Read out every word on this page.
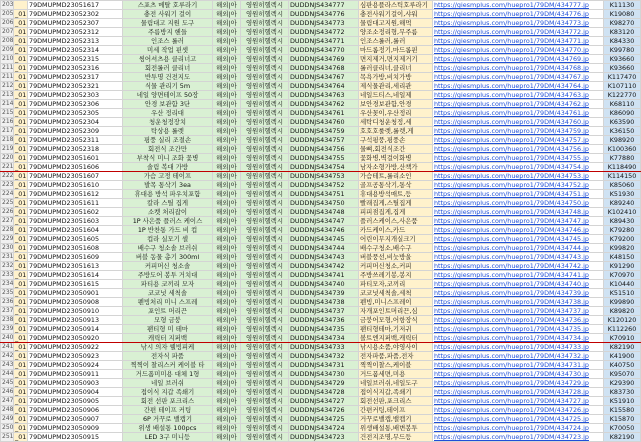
203		79DMUPMD23051617	스포츠 메탈 호루라기	해외|아	영원히헬렉시	DUDDNJS434777	심판용플라스틱호루라기	https://giesmplus.com/huepro1/79DM/434777.jp	K11130
205	_01	79DMUPMD23052302	충전 사워기 걸이	해외|아	영원히헬렉시	DUDDNJS434776	충전사워기걸이,샤워	https://giesmplus.com/huepro1/79DM/434776.jp	K19080
206	_01	79DMUPMD23052307	물림대고 지원 도구	해외|아	영원히헬렉시	DUDDNJS434773	물림대고지원,해먹	https://giesmplus.com/huepro1/79DM/434773.jp	K98270
207	_01	79DMUPMD23052312	주름방지 헨들	해외|아	영원히헬렉시	DUDDNJS434772	양조소정리형,무주름	https://giesmplus.com/huepro1/79DM/434772.jp	K83120
208	_01	79DMUPMD23052313	인조스 롤러	해외|아	영원히헬렉시	DUDDNJS434771	인조스롤러,롤러	https://giesmplus.com/huepro1/79DM/434771.jp	K84330
209	_01	79DMUPMD23052314	미세 작업 핀셋	해외|아	영원히헬렉시	DUDDNJS434770	마드롬정기,마드롬핀	https://giesmplus.com/huepro1/79DM/434770.jp	K99780
210	_01	79DMUPMD23052315	씽어셔츠용 클리너고	해외|아	영원히헬렉시	DUDDNJS434769	면지제거,면지제거기	https://giesmplus.com/huepro1/79DM/434769.jp	K93660
211	_01	79DMUPMD23052316	회전롤러 클리너	해외|아	영원히헬렉시	DUDDNJS434768	롤러클리너,클리너	https://giesmplus.com/huepro1/79DM/434768.jp	K93660
211	_01	79DMUPMD23052317	반투명 건전지도	해외|아	영원히헬렉시	DUDDNJS434767	목욕가방,비치가방	https://giesmplus.com/huepro1/79DM/434767.jp	K117470
212	_01	79DMUPMD23052321	식물 관리기 5m	해외|아	영원히헬렉시	DUDDNJS434764	제식물관리,세리관	https://giesmplus.com/huepro1/79DM/434764.jp	K107110
213	_01	79DMUPMD23052303	네일 양면테이프 50장	해외|아	영원히헬렉시	DUDDNJS434763	네일드티스,네일제	https://giesmplus.com/huepro1/79DM/434763.jp	K122770
214	_01	79DMUPMD23052306	안경 보관함 3단	해외|아	영원히헬렉시	DUDDNJS434762	보안경보관함,안경	https://giesmplus.com/huepro1/79DM/434762.jp	K68110
215	_01	79DMUPMD23052305	우산 정리대	해외|아	영원히헬렉시	DUDDNJS434761	우산꽂이,우산정리	https://giesmplus.com/huepro1/79DM/434761.jp	K86090
216	_01	79DMUPMD23052304	청운청정장치	해외|아	영원히헬렉시	DUDDNJS434760	세탁디청운청정,세	https://giesmplus.com/huepro1/79DM/434760.jp	K63590
217	_01	79DMUPMD23052309	탁상용 롤렛	해외|아	영원히헬렉시	DUDDNJS434759	호호호룰렛,롤렛,게	https://giesmplus.com/huepro1/79DM/434759.jp	K36150
218	_01	79DMUPMD23052311	핑풍 실리 조절손	해외|아	영원히헬렉시	DUDDNJS434757	구석핑풍,핑풍손	https://giesmplus.com/huepro1/79DM/434757.jp	K98920
219	_01	79DMUPMD23052318	회전식 조간만	해외|아	영원히헬렉시	DUDDNJS434756	물뼈,회전식조간	https://giesmplus.com/huepro1/79DM/434756.jp	K100360
220	_01	79DMUPMD23051601	부착식 미니 조화 꽃병	해외|아	영원히헬렉시	DUDDNJS434755	꽃화병,벽걸이화병	https://giesmplus.com/huepro1/79DM/434755.jp	K77880
221	_01	79DMUPMD23051606	솔림 복대 가방	해외|아	영원히헬렉시	DUDDNJS434754	남자소형가방,산책가	https://giesmplus.com/huepro1/79DM/434754.jp	K118490
222	_01	79DMUPMD23051607	가슴 고정 테이프	해외|아	영원히헬렉시	DUDDNJS434753	가슴테트,롤리소인	https://giesmplus.com/huepro1/79DM/434753.jp	K114150
223	_01	79DMUPMD23051610	발목 통삭기 3ea	해외|아	영원히헬렉시	DUDDNJS434752	골프공통삭기,통삭	https://giesmplus.com/huepro1/79DM/434752.jp	K85060
224	_01	79DMUPMD23051612	휴대용 방석 파우치포함	해외|아	영원히헬렉시	DUDDNJS434751	휴대용방석매트,등	https://giesmplus.com/huepro1/79DM/434751.jp	K51930
225	_01	79DMUPMD23051611	칼라 스틸 집게	해외|아	영원히헬렉시	DUDDNJS434750	빨래집게,스틸집게	https://giesmplus.com/huepro1/79DM/434750.jp	K89240
226	_01	79DMUPMD23051602	소켓 처리잡이	해외|아	영원히헬렉시	DUDDNJS434748	피피점집게,집게	https://giesmplus.com/huepro1/79DM/434748.jp	K102410
227	_01	79DMUPMD23051603	1P 사은품 플러스 케이스	해외|아	영원히헬렉시	DUDDNJS434747	플러스케이스,사은품	https://giesmplus.com/huepro1/79DM/434747.jp	K89430
228	_01	79DMUPMD23051604	1P 반찬통 가드 비 컵	해외|아	영원히헬렉시	DUDDNJS434746	카드케이스,카드	https://giesmplus.com/huepro1/79DM/434746.jp	K79280
229	_01	79DMUPMD23051605	컵라 실모기 셀	해외|아	영원히헬렉시	DUDDNJS434745	어린이무지개실크기	https://giesmplus.com/huepro1/79DM/434745.jp	K79200
230	_01	79DMUPMD23051608	배수구 청소솔 브러쉬	해외|아	영원히헬렉시	DUDDNJS434744	배수구청소,배수구	https://giesmplus.com/huepro1/79DM/434744.jp	K99820
231	_01	79DMUPMD23051609	버블 동물 총기 300ml	해외|아	영원히헬렉시	DUDDNJS434743	버블풍선,비눗방울	https://giesmplus.com/huepro1/79DM/434743.jp	K48150
232	_01	79DMUPMD23051613	커피머신 청소솔	해외|아	영원히헬렉시	DUDDNJS434742	커피머신청소,커피	https://giesmplus.com/huepro1/79DM/434742.jp	K91290
233	_01	79DMUPMD23051614	주방도어 봉투 거치대	해외|아	영원히헬렉시	DUDDNJS434741	주방쓰레기봉,봉지	https://giesmplus.com/huepro1/79DM/434741.jp	K70970
234	_01	79DMUPMD23051615	파티용 코끼리 모자	해외|아	영원히헬렉시	DUDDNJS434740	파티모자,코끼리	https://giesmplus.com/huepro1/79DM/434740.jp	K10440
235	_01	79DMUPMD23050901	코코넛 세척솔	해외|아	영원히헬렉시	DUDDNJS434739	코코넛세척솔,세척	https://giesmplus.com/huepro1/79DM/434739.jp	K51510
236	_01	79DMUPMD23050908	펜빙처리 미니 스프레	해외|아	영원히헬렉시	DUDDNJS434738	펜빙,미니스프레이	https://giesmplus.com/huepro1/79DM/434738.jp	K99890
237	_01	79DMUPMD23050910	포인트 머리끈	해외|아	영원히헬렉시	DUDDNJS434737	자개포인트머리끈,심	https://giesmplus.com/huepro1/79DM/434737.jp	K89820
238	_01	79DMUPMD23050913	모형 금붕	해외|아	영원히헬렉시	DUDDNJS434736	금붕어모형,어항장식	https://giesmplus.com/huepro1/79DM/434736.jp	K120120
239	_01	79DMUPMD23050914	팬티형 미 테마	해외|아	영원히헬렉시	DUDDNJS434735	팬티형테마,기저귀	https://giesmplus.com/huepro1/79DM/434735.jp	K112260
240	_01	79DMUPMD23050920	캐릭터 지퍼백	해외|아	영원히헬렉시	DUDDNJS434734	볼트엔지퍼백,캐릭터	https://giesmplus.com/huepro1/79DM/434734.jp	K70910
241	_01	79DMUPMD23050922	낚시 의자 웰빙피케	해외|아	영원히헬렉시	DUDDNJS434733	낚시용소품,야영사이	https://giesmplus.com/huepro1/79DM/434733.jp	K82190
242	_01	79DMUPMD23050923	전자식 파품	해외|아	영원히헬렉시	DUDDNJS434732	전자파품,파품,전자	https://giesmplus.com/huepro1/79DM/434732.jp	K41900
243	_01	79DMUPMD23050924	찍찍이 찰리스커 케이블 타	해외|아	영원히헬렉시	DUDDNJS434731	찍찍이찰스,케이블	https://giesmplus.com/huepro1/79DM/434731.jp	K40750
244	_01	79DMUPMD23050911	거드폼미미용 대체 1형	해외|아	영원히헬렉시	DUDDNJS434730	거드폼세면,미용	https://giesmplus.com/huepro1/79DM/434730.jp	K95070
245	_01	79DMUPMD23050903	네일 브러쉬	해외|아	영원히헬렉시	DUDDNJS434729	네일브러쉬,네일도구	https://giesmplus.com/huepro1/79DM/434729.jp	K29390
246	_01	79DMUPMD23050904	접이식 지갑 족쇄기	해외|아	영원히헬렉시	DUDDNJS434728	접이식지갑,족쇄기	https://giesmplus.com/huepro1/79DM/434728.jp	K83730
247	_01	79DMUPMD23050905	회전 선판 포크리스	해외|아	영원히헬렉시	DUDDNJS434727	회전선판,포크리스	https://giesmplus.com/huepro1/79DM/434727.jp	K51910
248	_01	79DMUPMD23050906	간편 테이프 커팅	해외|아	영원히헬렉시	DUDDNJS434726	간편커팅,테이프	https://giesmplus.com/huepro1/79DM/434726.jp	K15580
249	_01	79DMUPMD23050907	6P 거꾸로 밸캡기	해외|아	영원히헬렉시	DUDDNJS434725	거꾸로밸캡,밸캡기	https://giesmplus.com/huepro1/79DM/434725.jp	K15870
250	_01	79DMUPMD23050909	위생 배설통 100pcs	해외|아	영원히헬렉시	DUDDNJS434724	위생배설통,배변봉투	https://giesmplus.com/huepro1/79DM/434724.jp	K70050
251	_01	79DMUPMD23050915	LED 3구 미니등	해외|아	영원히헬렉시	DUDDNJS434723	건전지조명,무드등	https://giesmplus.com/huepro1/79DM/434723.jp	K82190
